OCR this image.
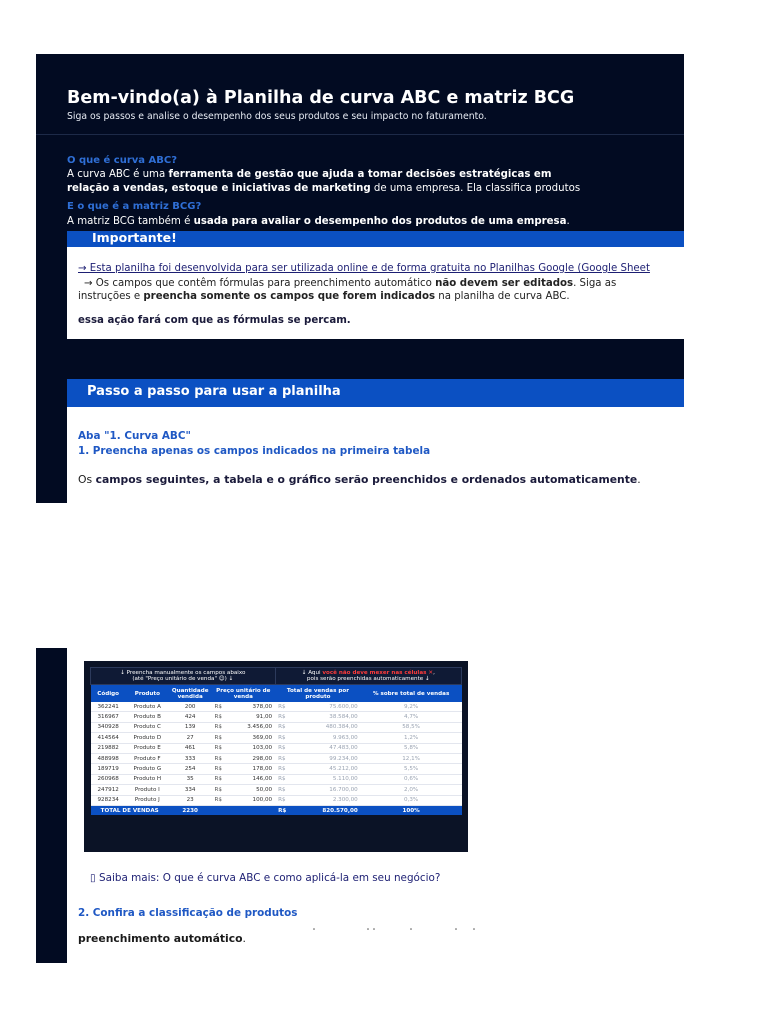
Bem-vindo(a) à Planilha de curva ABC e matriz BCG
Siga os passos e analise o desempenho dos seus produtos e seu impacto no faturamento.
O que é curva ABC?
A curva ABC é uma ferramenta de gestão que ajuda a tomar decisões estratégicas em
relação a vendas, estoque e iniciativas de marketing de uma empresa. Ela classifica produtos
E o que é a matriz BCG?
A matriz BCG também é usada para avaliar o desempenho dos produtos de uma empresa.
Importante!
→ Esta planilha foi desenvolvida para ser utilizada online e de forma gratuita no Planilhas Google (Google Sheet
→ Os campos que contêm fórmulas para preenchimento automático não devem ser editados. Siga as
instruções e preencha somente os campos que forem indicados na planilha de curva ABC.
essa ação fará com que as fórmulas se percam.
Passo a passo para usar a planilha
Aba "1. Curva ABC"
1. Preencha apenas os campos indicados na primeira tabela
Os campos seguintes, a tabela e o gráfico serão preenchidos e ordenados automaticamente.
↓ Preencha manualmente os campos abaixo
(até "Preço unitário de venda" 😊) ↓					↓ Aqui você não deve mexer nas células ✕,
pois serão preenchidas automaticamente ↓		
Código	Produto	Quantidade vendida	Preço unitário de venda		Total de vendas por produto		% sobre total de vendas
362241	Produto A	200	R$	378,00	R$	75.600,00	9,2%
316967	Produto B	424	R$	91,00	R$	38.584,00	4,7%
340928	Produto C	139	R$	3.456,00	R$	480.384,00	58,5%
414564	Produto D	27	R$	369,00	R$	9.963,00	1,2%
219882	Produto E	461	R$	103,00	R$	47.483,00	5,8%
488998	Produto F	333	R$	298,00	R$	99.234,00	12,1%
189719	Produto G	254	R$	178,00	R$	45.212,00	5,5%
260968	Produto H	35	R$	146,00	R$	5.110,00	0,6%
247912	Produto I	334	R$	50,00	R$	16.700,00	2,0%
928234	Produto J	23	R$	100,00	R$	2.300,00	0,3%
TOTAL DE VENDAS		2230			R$	820.570,00	100%
▯ Saiba mais: O que é curva ABC e como aplicá-la em seu negócio?
2. Confira a classificação de produtos
preenchimento automático.
